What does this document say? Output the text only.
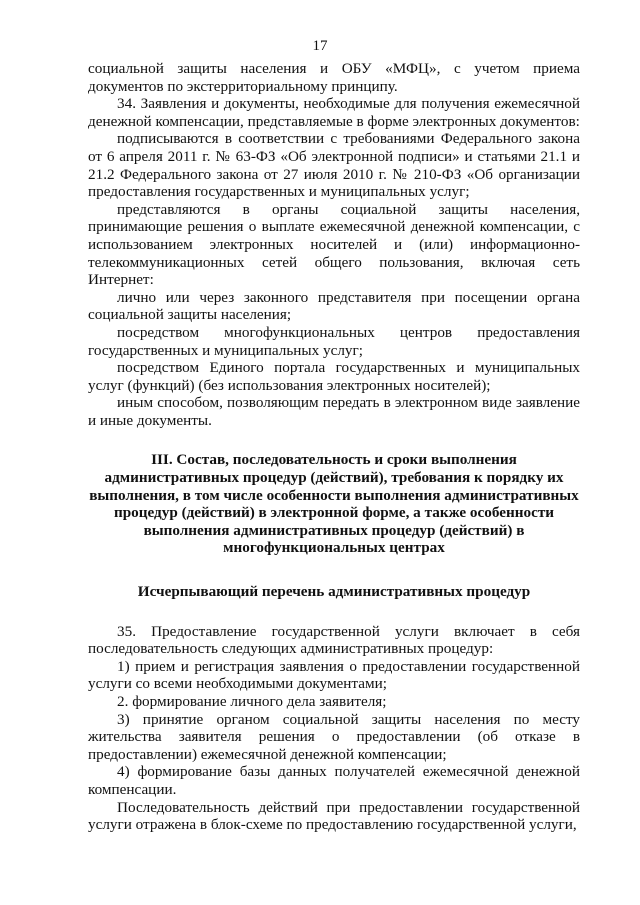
17

социальной защиты населения и ОБУ «МФЦ», с учетом приема документов по экстерриториальному принципу.

34. Заявления и документы, необходимые для получения ежемесячной денежной компенсации, представляемые в форме электронных документов:

подписываются в соответствии с требованиями Федерального закона от 6 апреля 2011 г. № 63-ФЗ «Об электронной подписи» и статьями 21.1 и 21.2 Федерального закона от 27 июля 2010 г. № 210-ФЗ «Об организации предоставления государственных и муниципальных услуг;

представляются в органы социальной защиты населения, принимающие решения о выплате ежемесячной денежной компенсации, с использованием электронных носителей и (или) информационно-телекоммуникационных сетей общего пользования, включая сеть Интернет:

лично или через законного представителя при посещении органа социальной защиты населения;

посредством многофункциональных центров предоставления государственных и муниципальных услуг;

посредством Единого портала государственных и муниципальных услуг (функций) (без использования электронных носителей);

иным способом, позволяющим передать в электронном виде заявление и иные документы.

III. Состав, последовательность и сроки выполнения административных процедур (действий), требования к порядку их выполнения, в том числе особенности выполнения административных процедур (действий) в электронной форме, а также особенности выполнения административных процедур (действий) в многофункциональных центрах
Исчерпывающий перечень административных процедур

35. Предоставление государственной услуги включает в себя последовательность следующих административных процедур:

1) прием и регистрация заявления о предоставлении государственной услуги со всеми необходимыми документами;

2. формирование личного дела заявителя;

3) принятие органом социальной защиты населения по месту жительства заявителя решения о предоставлении (об отказе в предоставлении) ежемесячной денежной компенсации;

4) формирование базы данных получателей ежемесячной денежной компенсации.

Последовательность действий при предоставлении государственной услуги отражена в блок-схеме по предоставлению государственной услуги,
